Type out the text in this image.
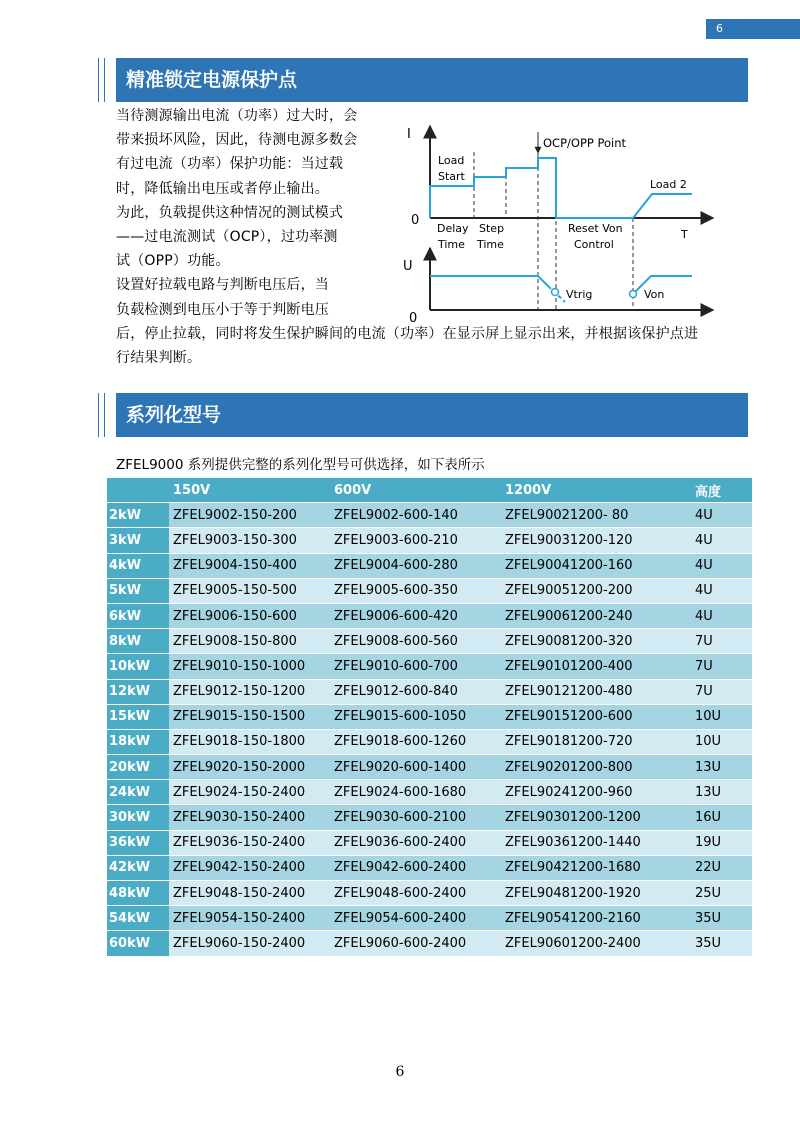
6
精准锁定电源保护点
当待测源输出电流（功率）过大时，会
带来损坏风险，因此，待测电源多数会
有过电流（功率）保护功能：当过载
时，降低输出电压或者停止输出。
为此，负载提供这种情况的测试模式
——过电流测试（OCP），过功率测
试（OPP）功能。
设置好拉载电路与判断电压后，当
负载检测到电压小于等于判断电压
后，停止拉载，同时将发生保护瞬间的电流（功率）在显示屏上显示出来，并根据该保护点进
行结果判断。
I
U
T
0
0
OCP/OPP Point
Load
Start
Load 2
Delay
Time
Step
Time
Reset Von
Control
Vtrig	Von
系列化型号
ZFEL9000 系列提供完整的系列化型号可供选择，如下表所示
	150V	600V	1200V	高度
2kW	ZFEL9002-150-200	ZFEL9002-600-140	ZFEL90021200- 80	4U
3kW	ZFEL9003-150-300	ZFEL9003-600-210	ZFEL90031200-120	4U
4kW	ZFEL9004-150-400	ZFEL9004-600-280	ZFEL90041200-160	4U
5kW	ZFEL9005-150-500	ZFEL9005-600-350	ZFEL90051200-200	4U
6kW	ZFEL9006-150-600	ZFEL9006-600-420	ZFEL90061200-240	4U
8kW	ZFEL9008-150-800	ZFEL9008-600-560	ZFEL90081200-320	7U
10kW	ZFEL9010-150-1000	ZFEL9010-600-700	ZFEL90101200-400	7U
12kW	ZFEL9012-150-1200	ZFEL9012-600-840	ZFEL90121200-480	7U
15kW	ZFEL9015-150-1500	ZFEL9015-600-1050	ZFEL90151200-600	10U
18kW	ZFEL9018-150-1800	ZFEL9018-600-1260	ZFEL90181200-720	10U
20kW	ZFEL9020-150-2000	ZFEL9020-600-1400	ZFEL90201200-800	13U
24kW	ZFEL9024-150-2400	ZFEL9024-600-1680	ZFEL90241200-960	13U
30kW	ZFEL9030-150-2400	ZFEL9030-600-2100	ZFEL90301200-1200	16U
36kW	ZFEL9036-150-2400	ZFEL9036-600-2400	ZFEL90361200-1440	19U
42kW	ZFEL9042-150-2400	ZFEL9042-600-2400	ZFEL90421200-1680	22U
48kW	ZFEL9048-150-2400	ZFEL9048-600-2400	ZFEL90481200-1920	25U
54kW	ZFEL9054-150-2400	ZFEL9054-600-2400	ZFEL90541200-2160	35U
60kW	ZFEL9060-150-2400	ZFEL9060-600-2400	ZFEL90601200-2400	35U
6
